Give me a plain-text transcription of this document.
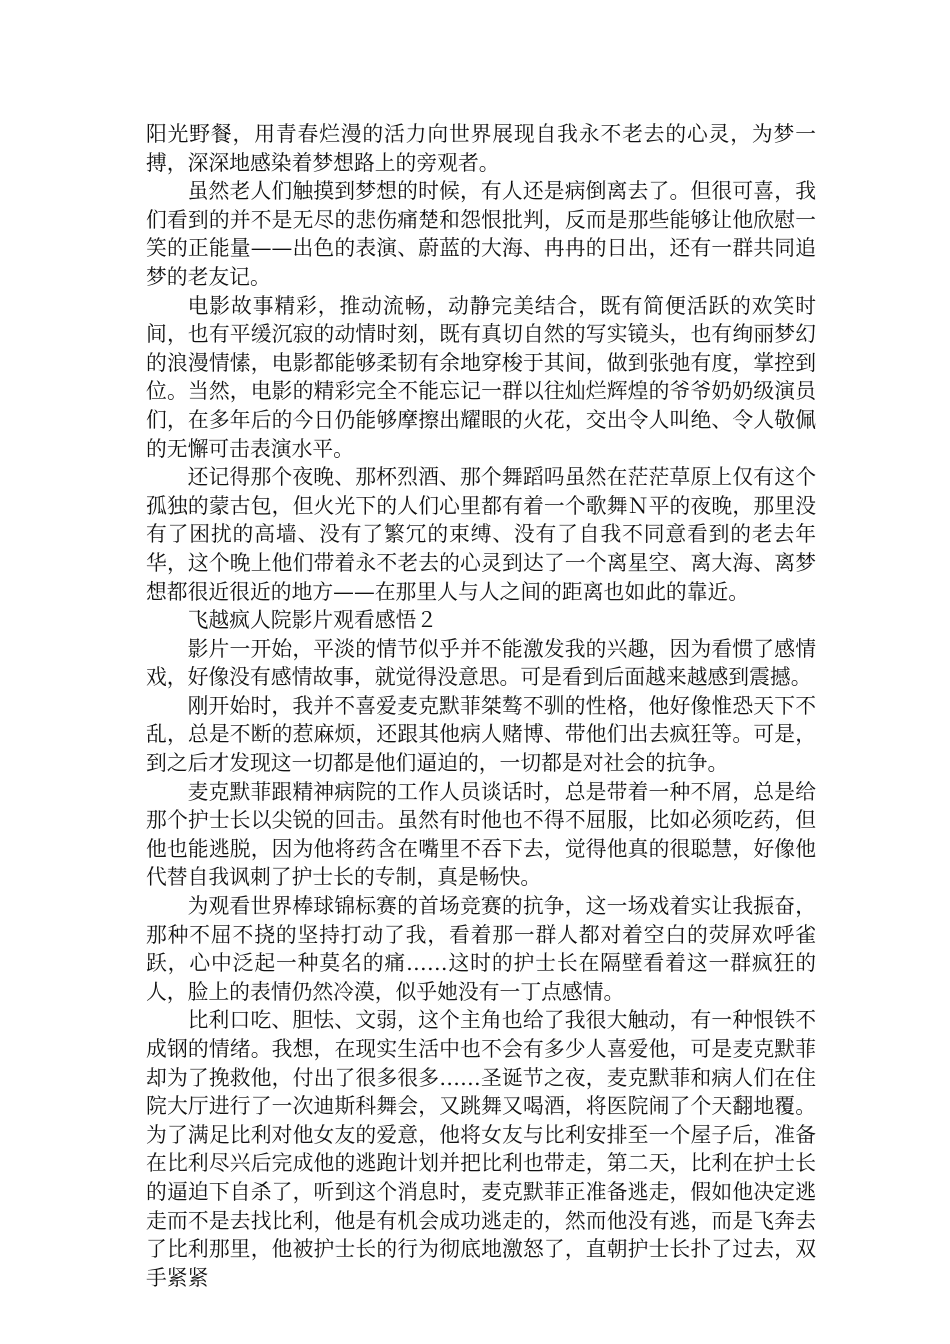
阳光野餐，用青春烂漫的活力向世界展现自我永不老去的心灵，为梦一搏，深深地感染着梦想路上的旁观者。

虽然老人们触摸到梦想的时候，有人还是病倒离去了。但很可喜，我们看到的并不是无尽的悲伤痛楚和怨恨批判，反而是那些能够让他欣慰一笑的正能量——出色的表演、蔚蓝的大海、冉冉的日出，还有一群共同追梦的老友记。

电影故事精彩，推动流畅，动静完美结合，既有简便活跃的欢笑时间，也有平缓沉寂的动情时刻，既有真切自然的写实镜头，也有绚丽梦幻的浪漫情愫，电影都能够柔韧有余地穿梭于其间，做到张弛有度，掌控到位。当然，电影的精彩完全不能忘记一群以往灿烂辉煌的爷爷奶奶级演员们，在多年后的今日仍能够摩擦出耀眼的火花，交出令人叫绝、令人敬佩的无懈可击表演水平。

还记得那个夜晚、那杯烈酒、那个舞蹈吗虽然在茫茫草原上仅有这个孤独的蒙古包，但火光下的人们心里都有着一个歌舞Ｎ平的夜晚，那里没有了困扰的高墙、没有了繁冗的束缚、没有了自我不同意看到的老去年华，这个晚上他们带着永不老去的心灵到达了一个离星空、离大海、离梦想都很近很近的地方——在那里人与人之间的距离也如此的靠近。

飞越疯人院影片观看感悟２

影片一开始，平淡的情节似乎并不能激发我的兴趣，因为看惯了感情戏，好像没有感情故事，就觉得没意思。可是看到后面越来越感到震撼。

刚开始时，我并不喜爱麦克默菲桀骜不驯的性格，他好像惟恐天下不乱，总是不断的惹麻烦，还跟其他病人赌博、带他们出去疯狂等。可是，到之后才发现这一切都是他们逼迫的，一切都是对社会的抗争。

麦克默菲跟精神病院的工作人员谈话时，总是带着一种不屑，总是给那个护士长以尖锐的回击。虽然有时他也不得不屈服，比如必须吃药，但他也能逃脱，因为他将药含在嘴里不吞下去，觉得他真的很聪慧，好像他代替自我讽刺了护士长的专制，真是畅快。

为观看世界棒球锦标赛的首场竞赛的抗争，这一场戏着实让我振奋，那种不屈不挠的坚持打动了我，看着那一群人都对着空白的荧屏欢呼雀跃，心中泛起一种莫名的痛……这时的护士长在隔壁看着这一群疯狂的人，脸上的表情仍然冷漠，似乎她没有一丁点感情。

比利口吃、胆怯、文弱，这个主角也给了我很大触动，有一种恨铁不成钢的情绪。我想，在现实生活中也不会有多少人喜爱他，可是麦克默菲却为了挽救他，付出了很多很多……圣诞节之夜，麦克默菲和病人们在住院大厅进行了一次迪斯科舞会，又跳舞又喝酒，将医院闹了个天翻地覆。为了满足比利对他女友的爱意，他将女友与比利安排至一个屋子后，准备在比利尽兴后完成他的逃跑计划并把比利也带走，第二天，比利在护士长的逼迫下自杀了，听到这个消息时，麦克默菲正准备逃走，假如他决定逃走而不是去找比利，他是有机会成功逃走的，然而他没有逃，而是飞奔去了比利那里，他被护士长的行为彻底地激怒了，直朝护士长扑了过去，双手紧紧
